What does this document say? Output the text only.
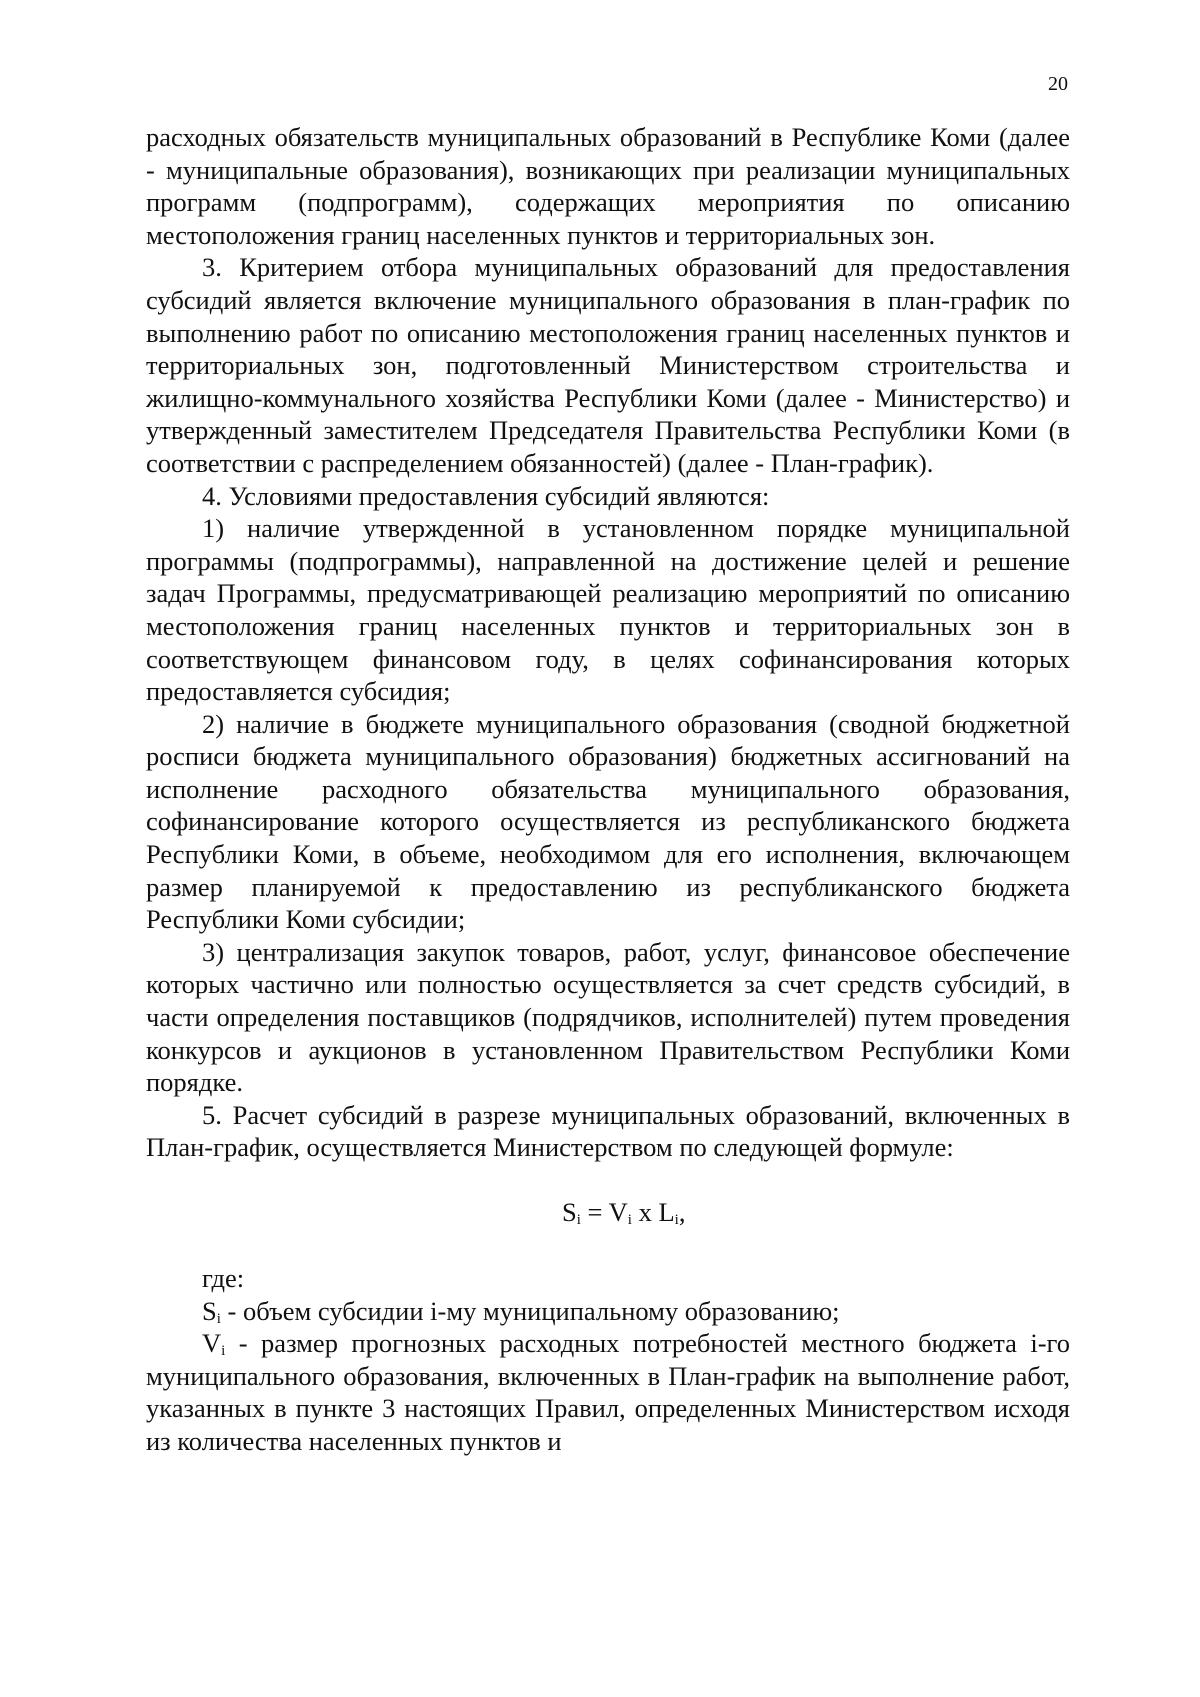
20

расходных обязательств муниципальных образований в Республике Коми (далее - муниципальные образования), возникающих при реализации муниципальных программ (подпрограмм), содержащих мероприятия по описанию местоположения границ населенных пунктов и территориальных зон.

3. Критерием отбора муниципальных образований для предоставления субсидий является включение муниципального образования в план-график по выполнению работ по описанию местоположения границ населенных пунктов и территориальных зон, подготовленный Министерством строительства и жилищно-коммунального хозяйства Республики Коми (далее - Министерство) и утвержденный заместителем Председателя Правительства Республики Коми (в соответствии с распределением обязанностей) (далее - План-график).

4. Условиями предоставления субсидий являются:

1) наличие утвержденной в установленном порядке муниципальной программы (подпрограммы), направленной на достижение целей и решение задач Программы, предусматривающей реализацию мероприятий по описанию местоположения границ населенных пунктов и территориальных зон в соответствующем финансовом году, в целях софинансирования которых предоставляется субсидия;

2) наличие в бюджете муниципального образования (сводной бюджетной росписи бюджета муниципального образования) бюджетных ассигнований на исполнение расходного обязательства муниципального образования, софинансирование которого осуществляется из республиканского бюджета Республики Коми, в объеме, необходимом для его исполнения, включающем размер планируемой к предоставлению из республиканского бюджета Республики Коми субсидии;

3) централизация закупок товаров, работ, услуг, финансовое обеспечение которых частично или полностью осуществляется за счет средств субсидий, в части определения поставщиков (подрядчиков, исполнителей) путем проведения конкурсов и аукционов в установленном Правительством Республики Коми порядке.

5. Расчет субсидий в разрезе муниципальных образований, включенных в План-график, осуществляется Министерством по следующей формуле:

$S_i = V_i$ x $L_i$,

где:

$S_i$ - объем субсидии i-му муниципальному образованию;

$V_i$ - размер прогнозных расходных потребностей местного бюджета i-го муниципального образования, включенных в План-график на выполнение работ, указанных в пункте 3 настоящих Правил, определенных Министерством исходя из количества населенных пунктов и
